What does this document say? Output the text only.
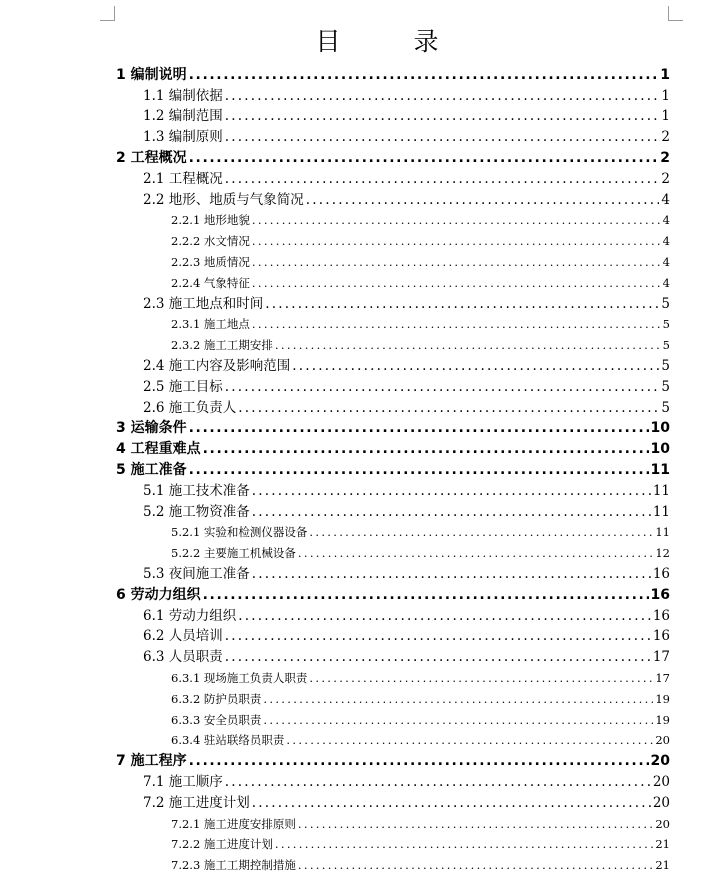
目　录
1 编制说明 .....	1
1.1 编制依据 .....	1
1.2 编制范围 .....	1
1.3 编制原则 .....	2
2 工程概况 .....	2
2.1 工程概况 .....	2
2.2 地形、地质与气象简况 .....	4
2.2.1 地形地貌 .....	4
2.2.2 水文情况 .....	4
2.2.3 地质情况 .....	4
2.2.4 气象特征 .....	4
2.3 施工地点和时间 .....	5
2.3.1 施工地点 .....	5
2.3.2 施工工期安排 .....	5
2.4 施工内容及影响范围 .....	5
2.5 施工目标 .....	5
2.6 施工负责人 .....	5
3 运输条件 .....	10
4 工程重难点 .....	10
5 施工准备 .....	11
5.1 施工技术准备 .....	11
5.2 施工物资准备 .....	11
5.2.1 实验和检测仪器设备 .....	11
5.2.2 主要施工机械设备 .....	12
5.3 夜间施工准备 .....	16
6 劳动力组织 .....	16
6.1 劳动力组织 .....	16
6.2 人员培训 .....	16
6.3 人员职责 .....	17
6.3.1 现场施工负责人职责 .....	17
6.3.2 防护员职责 .....	19
6.3.3 安全员职责 .....	19
6.3.4 驻站联络员职责 .....	20
7 施工程序 .....	20
7.1 施工顺序 .....	20
7.2 施工进度计划 .....	20
7.2.1 施工进度安排原则 .....	20
7.2.2 施工进度计划 .....	21
7.2.3 施工工期控制措施 .....	21
